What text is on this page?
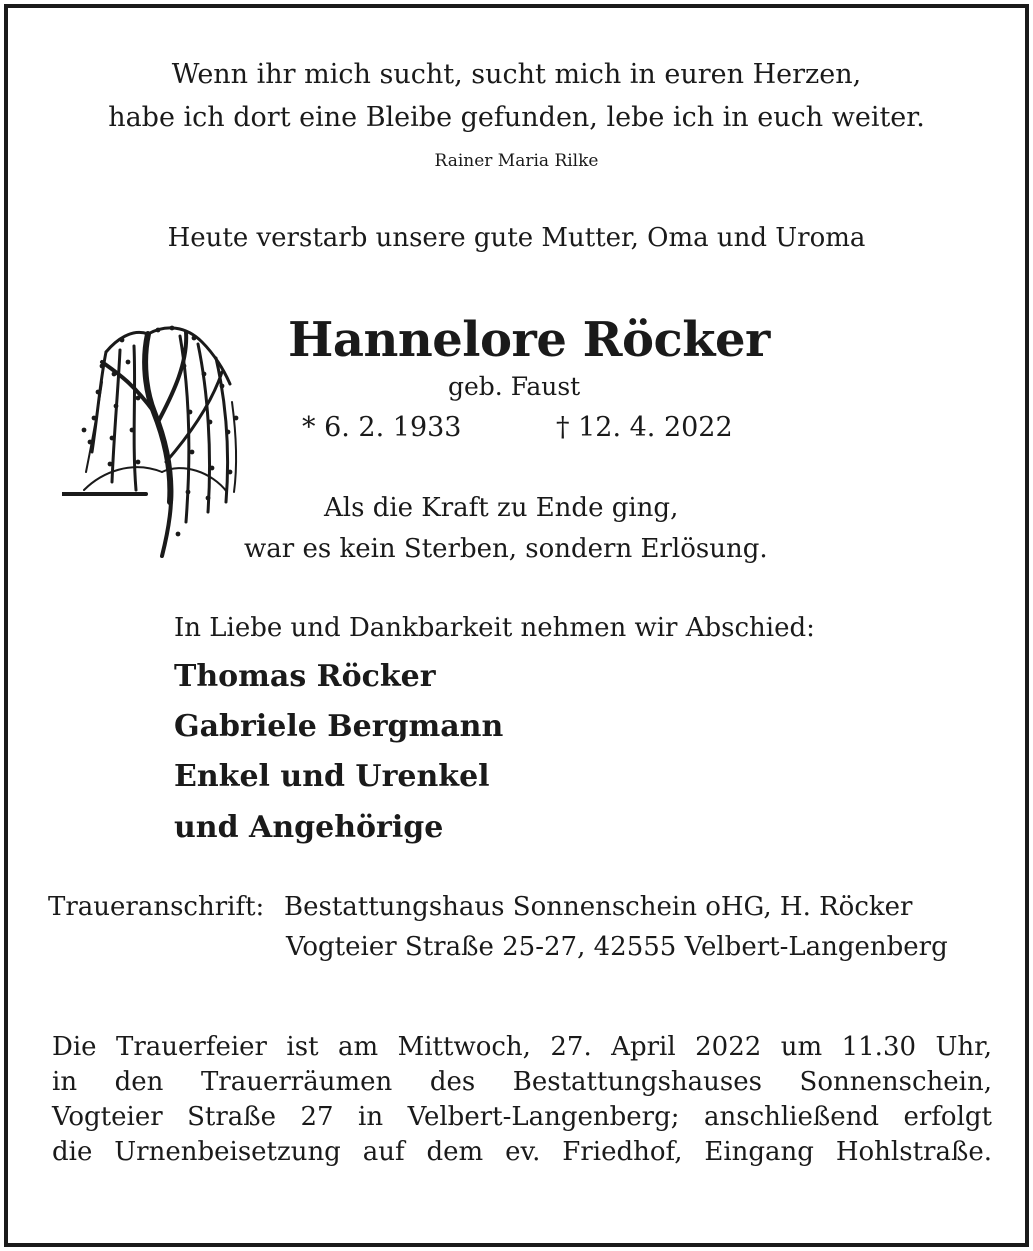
Wenn ihr mich sucht, sucht mich in euren Herzen,
habe ich dort eine Bleibe gefunden, lebe ich in euch weiter.
Rainer Maria Rilke
Heute verstarb unsere gute Mutter, Oma und Uroma
Hannelore Röcker
geb. Faust
* 6. 2. 1933	† 12. 4. 2022
Als die Kraft zu Ende ging,
war es kein Sterben, sondern Erlösung.
In Liebe und Dankbarkeit nehmen wir Abschied:
Thomas Röcker
Gabriele Bergmann
Enkel und Urenkel
und Angehörige
Traueranschrift: Bestattungshaus Sonnenschein oHG, H. Röcker
Vogteier Straße 25-27, 42555 Velbert-Langenberg
Die Trauerfeier ist am Mittwoch, 27. April 2022 um 11.30 Uhr,
in den Trauerräumen des Bestattungshauses Sonnenschein,
Vogteier Straße 27 in Velbert-Langenberg; anschließend erfolgt
die Urnenbeisetzung auf dem ev. Friedhof, Eingang Hohlstraße.
